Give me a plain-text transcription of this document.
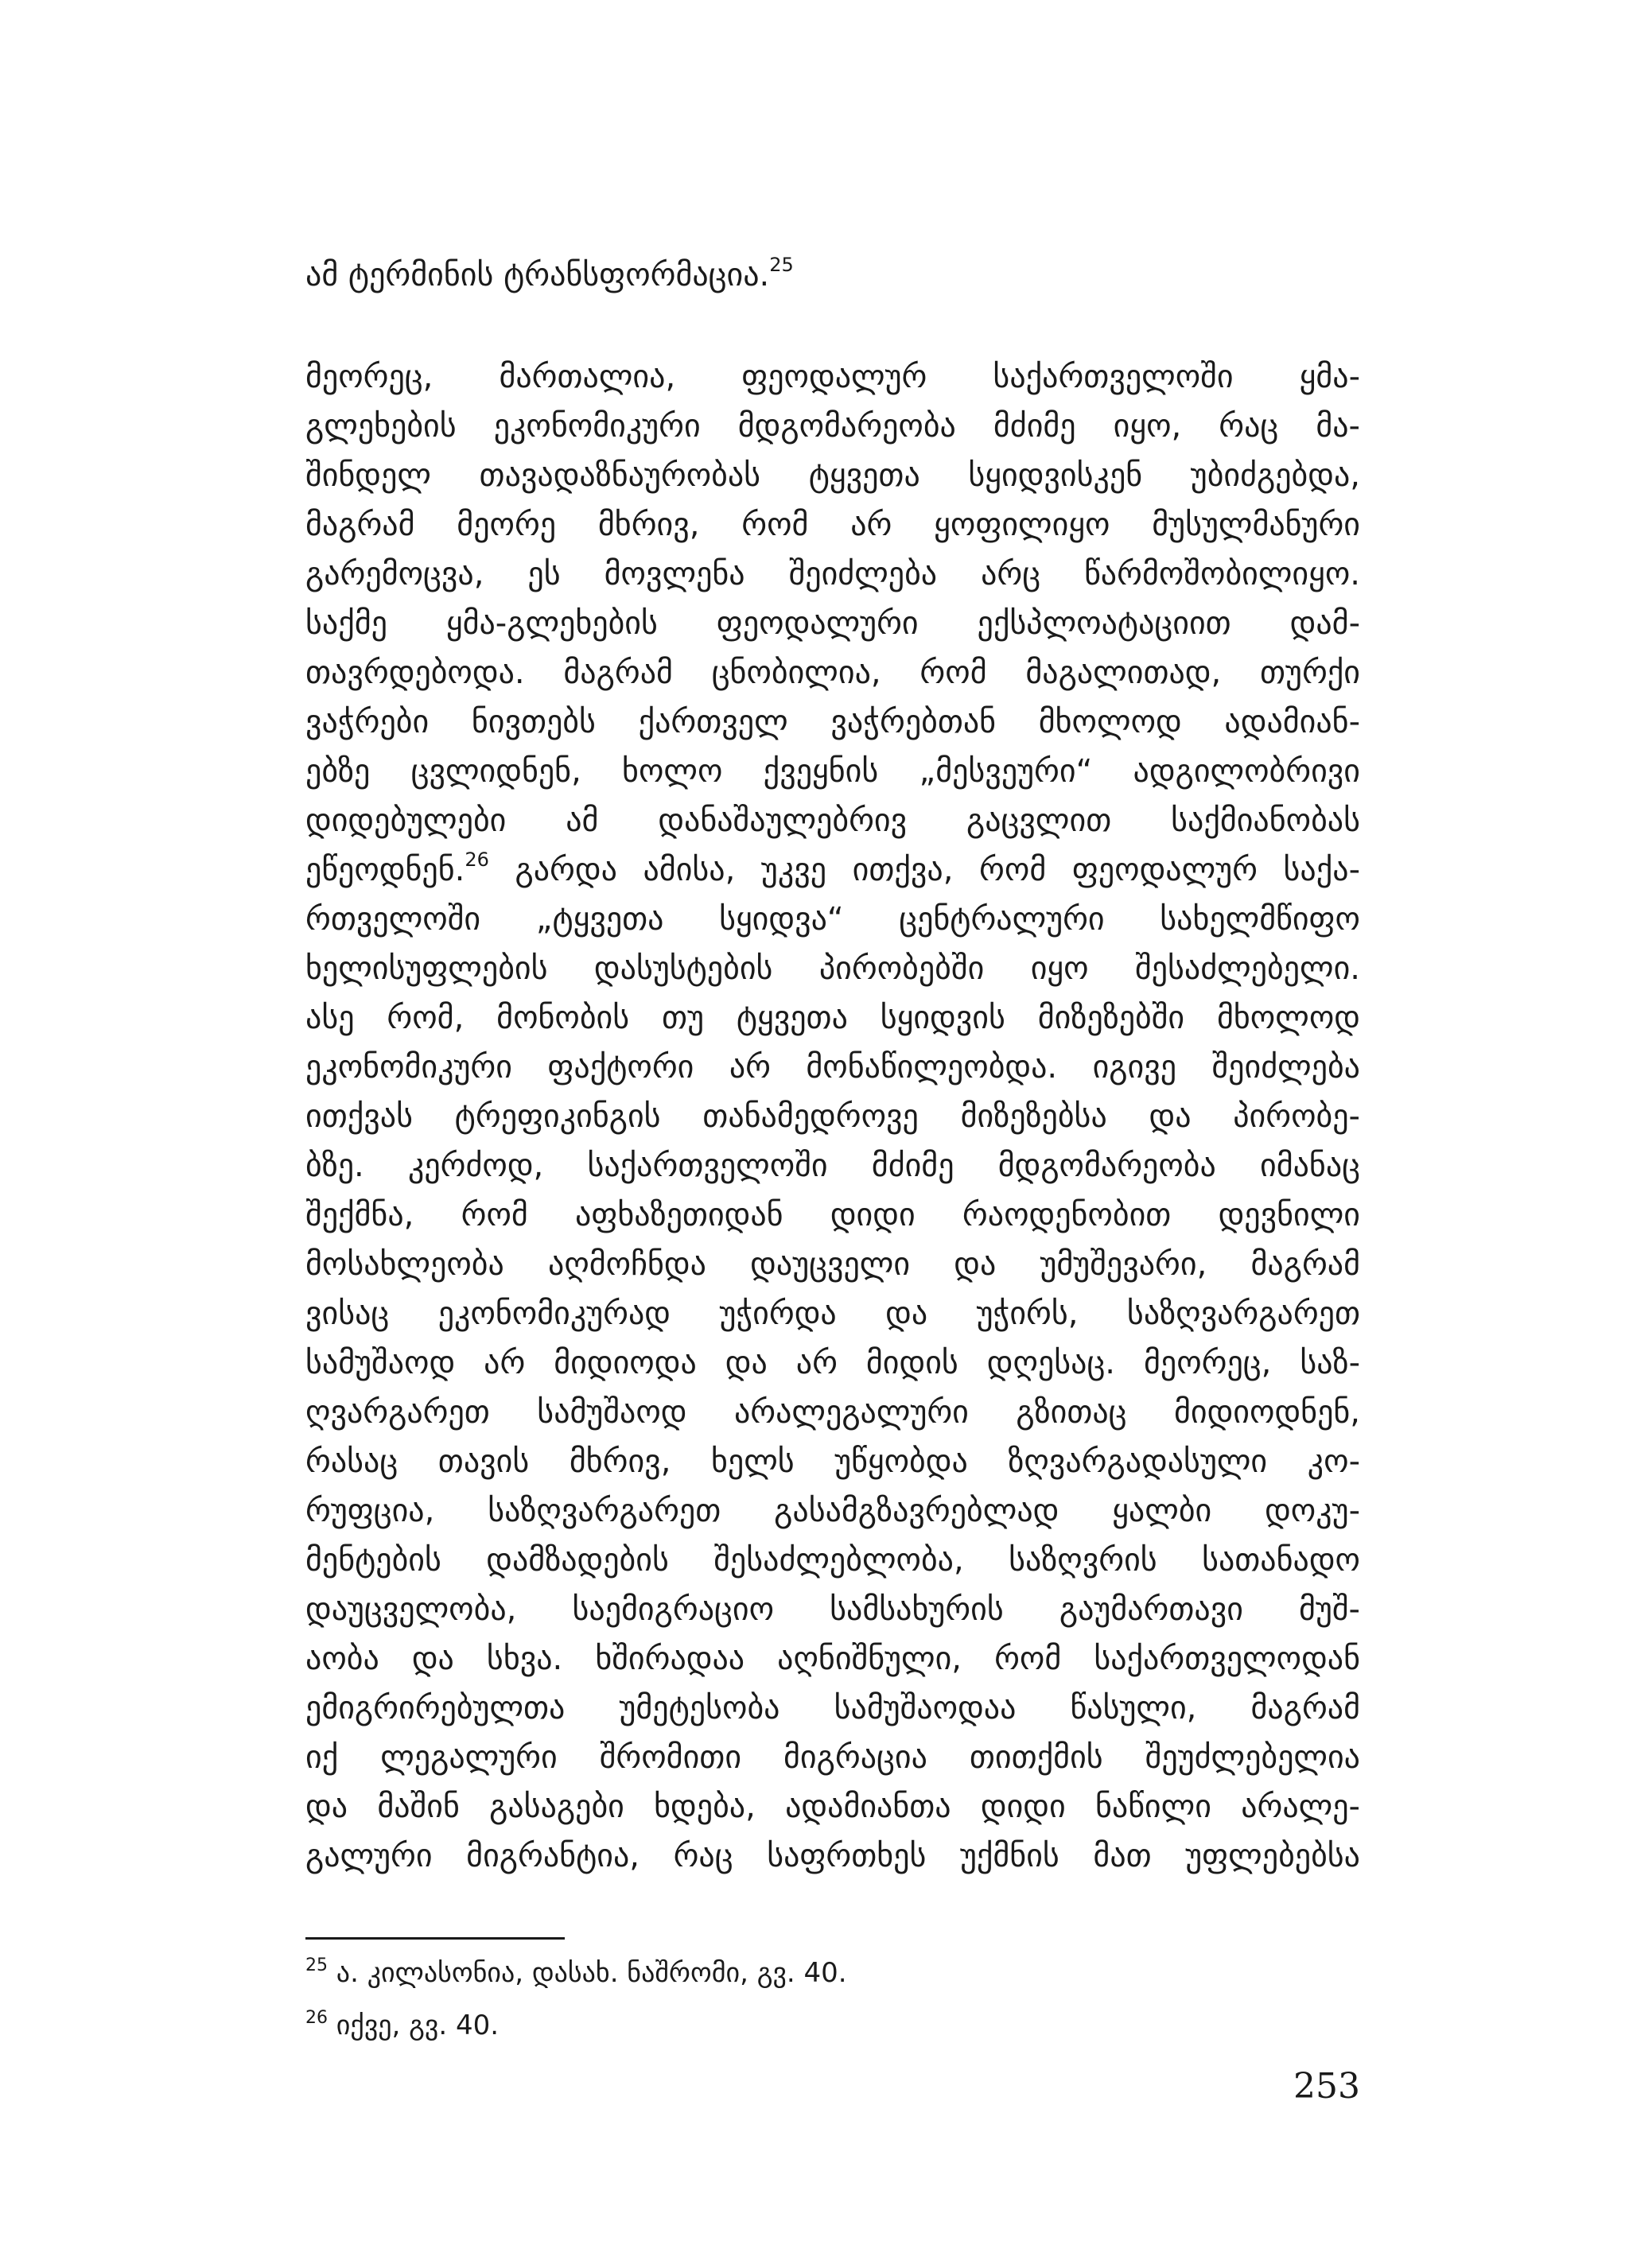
ამ ტერმინის ტრანსფორმაცია.$^{25}$
მეორეც, მართალია, ფეოდალურ საქართველოში ყმა-
გლეხების ეკონომიკური მდგომარეობა მძიმე იყო, რაც მა-
შინდელ თავადაზნაურობას ტყვეთა სყიდვისკენ უბიძგებდა,
მაგრამ მეორე მხრივ, რომ არ ყოფილიყო მუსულმანური
გარემოცვა, ეს მოვლენა შეიძლება არც წარმოშობილიყო.
საქმე ყმა-გლეხების ფეოდალური ექსპლოატაციით დამ-
თავრდებოდა. მაგრამ ცნობილია, რომ მაგალითად, თურქი
ვაჭრები ნივთებს ქართველ ვაჭრებთან მხოლოდ ადამიან-
ებზე ცვლიდნენ, ხოლო ქვეყნის „მესვეური“ ადგილობრივი
დიდებულები ამ დანაშაულებრივ გაცვლით საქმიანობას
ეწეოდნენ.$^{26}$ გარდა ამისა, უკვე ითქვა, რომ ფეოდალურ საქა-
რთველოში „ტყვეთა სყიდვა“ ცენტრალური სახელმწიფო
ხელისუფლების დასუსტების პირობებში იყო შესაძლებელი.
ასე რომ, მონობის თუ ტყვეთა სყიდვის მიზეზებში მხოლოდ
ეკონომიკური ფაქტორი არ მონაწილეობდა. იგივე შეიძლება
ითქვას ტრეფიკინგის თანამედროვე მიზეზებსა და პირობე-
ბზე. კერძოდ, საქართველოში მძიმე მდგომარეობა იმანაც
შექმნა, რომ აფხაზეთიდან დიდი რაოდენობით დევნილი
მოსახლეობა აღმოჩნდა დაუცველი და უმუშევარი, მაგრამ
ვისაც ეკონომიკურად უჭირდა და უჭირს, საზღვარგარეთ
სამუშაოდ არ მიდიოდა და არ მიდის დღესაც. მეორეც, საზ-
ღვარგარეთ სამუშაოდ არალეგალური გზითაც მიდიოდნენ,
რასაც თავის მხრივ, ხელს უწყობდა ზღვარგადასული კო-
რუფცია, საზღვარგარეთ გასამგზავრებლად ყალბი დოკუ-
მენტების დამზადების შესაძლებლობა, საზღვრის სათანადო
დაუცველობა, საემიგრაციო სამსახურის გაუმართავი მუშ-
აობა და სხვა. ხშირადაა აღნიშნული, რომ საქართველოდან
ემიგრირებულთა უმეტესობა სამუშაოდაა წასული, მაგრამ
იქ ლეგალური შრომითი მიგრაცია თითქმის შეუძლებელია
და მაშინ გასაგები ხდება, ადამიანთა დიდი ნაწილი არალე-
გალური მიგრანტია, რაც საფრთხეს უქმნის მათ უფლებებსა
$^{25}$ ა. კილასონია, დასახ. ნაშრომი, გვ. 40.
$^{26}$ იქვე, გვ. 40.
253
